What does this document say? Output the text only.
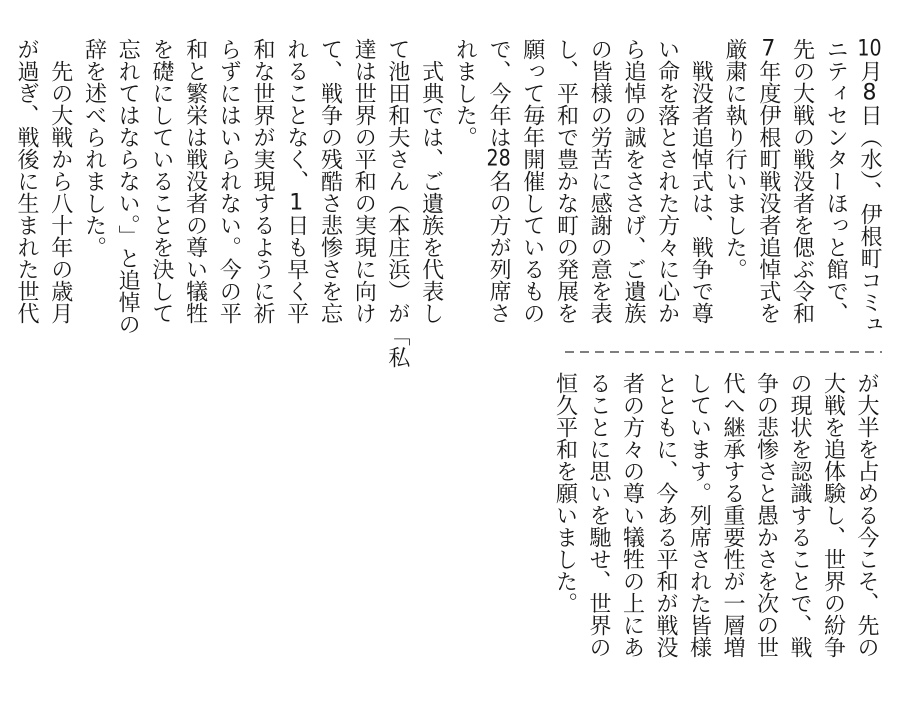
10月8日（水）、伊根町コミュ
ニティセンターほっと館で、
先の大戦の戦没者を偲ぶ令和
7年度伊根町戦没者追悼式を
厳粛に執り行いました。
戦没者追悼式は、戦争で尊
い命を落とされた方々に心か
ら追悼の誠をささげ、ご遺族
の皆様の労苦に感謝の意を表
し、平和で豊かな町の発展を
願って毎年開催しているもの
で、今年は28名の方が列席さ
れました。
式典では、ご遺族を代表し
て池田和夫さん（本庄浜）が「私
達は世界の平和の実現に向け
て、戦争の残酷さ悲惨さを忘
れることなく、1日も早く平
和な世界が実現するように祈
らずにはいられない。今の平
和と繁栄は戦没者の尊い犠牲
を礎にしていることを決して
忘れてはならない。」と追悼の
辞を述べられました。
先の大戦から八十年の歳月
が過ぎ、戦後に生まれた世代
が大半を占める今こそ、先の
大戦を追体験し、世界の紛争
の現状を認識することで、戦
争の悲惨さと愚かさを次の世
代へ継承する重要性が一層増
しています。列席された皆様
とともに、今ある平和が戦没
者の方々の尊い犠牲の上にあ
ることに思いを馳せ、世界の
恒久平和を願いました。
